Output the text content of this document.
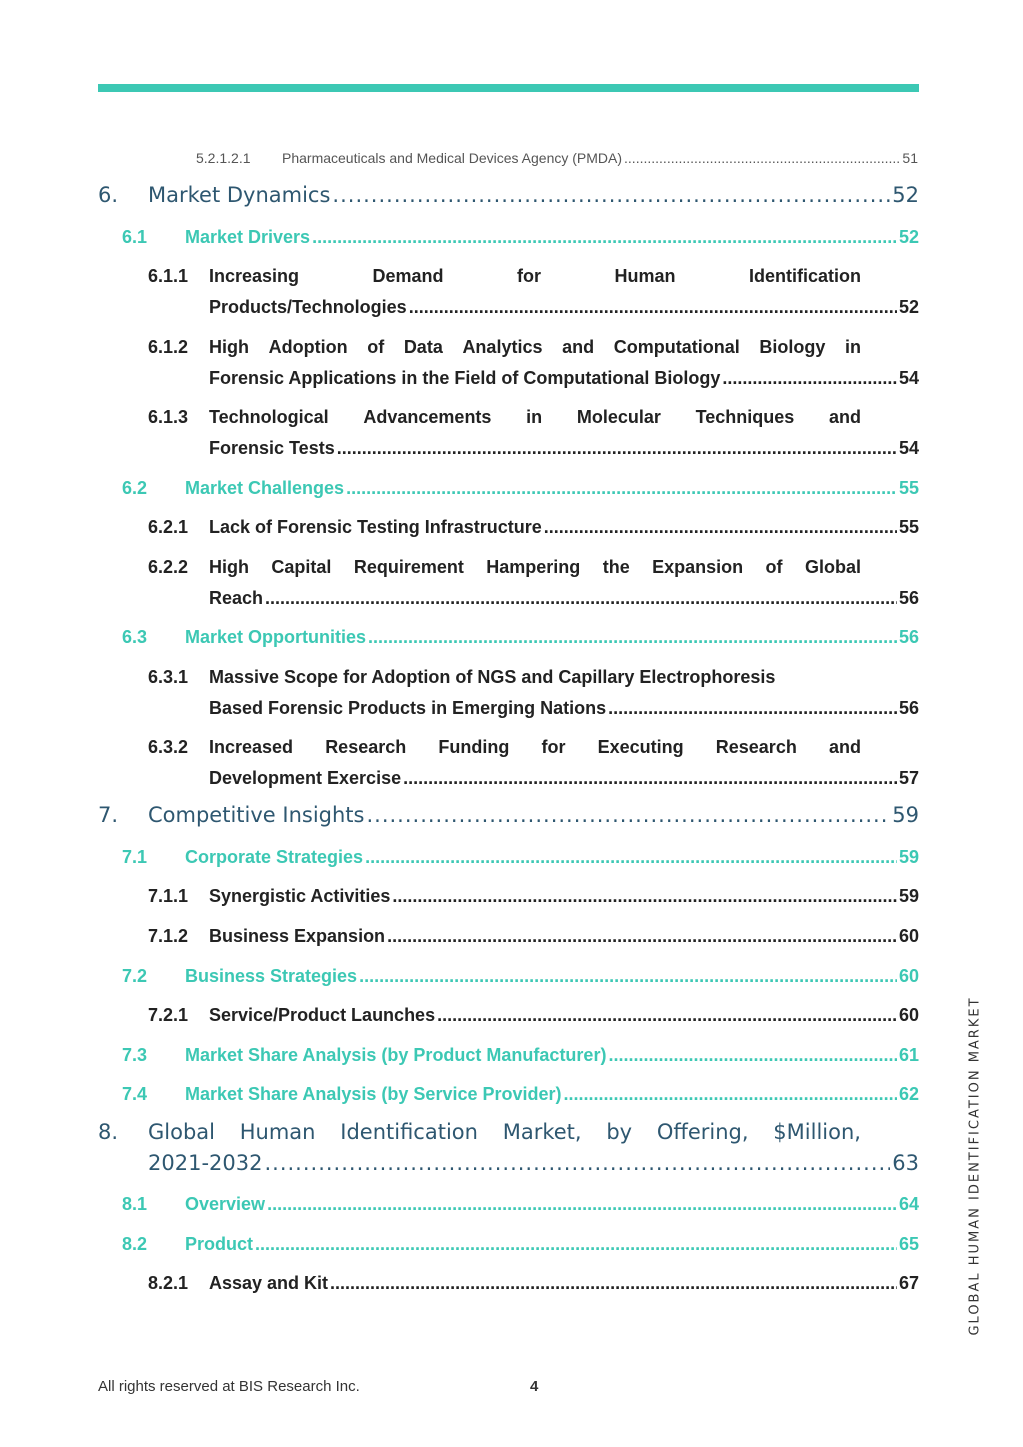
5.2.1.2.1 Pharmaceuticals and Medical Devices Agency (PMDA) .....	51
6. Market Dynamics .....	52
6.1 Market Drivers .....	52
6.1.1 Increasing	Demand	for	Human	Identification
Products/Technologies .....	52
6.1.2 High Adoption of Data Analytics and Computational Biology in
Forensic Applications in the Field of Computational Biology .....	54
6.1.3 Technological Advancements in Molecular Techniques and
Forensic Tests .....	54
6.2 Market Challenges .....	55
6.2.1 Lack of Forensic Testing Infrastructure .....	55
6.2.2 High Capital Requirement Hampering the Expansion of Global
Reach .....	56
6.3 Market Opportunities .....	56
6.3.1 Massive Scope for Adoption of NGS and Capillary Electrophoresis
Based Forensic Products in Emerging Nations .....	56
6.3.2 Increased Research Funding for Executing Research and
Development Exercise .....	57
7. Competitive Insights .....	59
7.1 Corporate Strategies .....	59
7.1.1 Synergistic Activities .....	59
7.1.2 Business Expansion .....	60
7.2 Business Strategies .....	60
7.2.1 Service/Product Launches .....	60
7.3 Market Share Analysis (by Product Manufacturer) .....	61
7.4 Market Share Analysis (by Service Provider) .....	62
8. Global Human Identification Market, by Offering, $Million,
2021-2032 .....	63
8.1 Overview .....	64
8.2 Product .....	65
8.2.1 Assay and Kit .....	67	GLOBAL HUMAN IDENTIFICATION MARKET
All rights reserved at BIS Research Inc.	4
